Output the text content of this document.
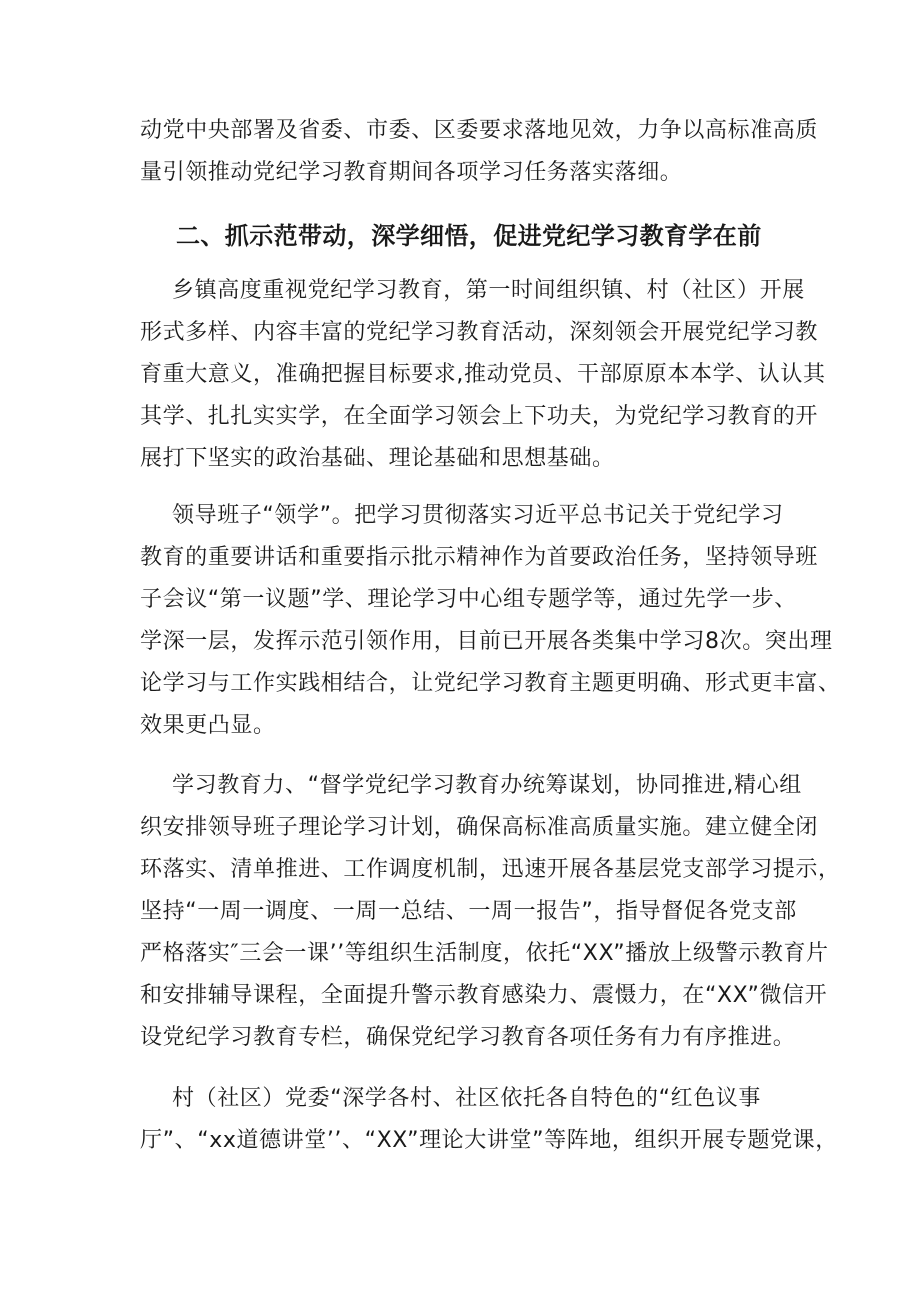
动党中央部署及省委、市委、区委要求落地见效，力争以高标准高质
量引领推动党纪学习教育期间各项学习任务落实落细。
二、抓示范带动，深学细悟，促进党纪学习教育学在前
乡镇高度重视党纪学习教育，第一时间组织镇、村（社区）开展
形式多样、内容丰富的党纪学习教育活动，深刻领会开展党纪学习教
育重大意义，准确把握目标要求,推动党员、干部原原本本学、认认其
其学、扎扎实实学，在全面学习领会上下功夫，为党纪学习教育的开
展打下坚实的政治基础、理论基础和思想基础。
领导班子“领学”。把学习贯彻落实习近平总书记关于党纪学习
教育的重要讲话和重要指示批示精神作为首要政治任务，坚持领导班
子会议“第一议题”学、理论学习中心组专题学等，通过先学一步、
学深一层，发挥示范引领作用，目前已开展各类集中学习8次。突出理
论学习与工作实践相结合，让党纪学习教育主题更明确、形式更丰富、
效果更凸显。
学习教育力、“督学党纪学习教育办统筹谋划，协同推进,精心组
织安排领导班子理论学习计划，确保高标准高质量实施。建立健全闭
环落实、清单推进、工作调度机制，迅速开展各基层党支部学习提示，
坚持“一周一调度、一周一总结、一周一报告”，指导督促各党支部
严格落实″三会一课’’等组织生活制度，依托“XX”播放上级警示教育片
和安排辅导课程，全面提升警示教育感染力、震慑力，在“XX”微信开
设党纪学习教育专栏，确保党纪学习教育各项任务有力有序推进。
村（社区）党委“深学各村、社区依托各自特色的“红色议事
厅”、“xx道德讲堂’’、“XX”理论大讲堂”等阵地，组织开展专题党课，
